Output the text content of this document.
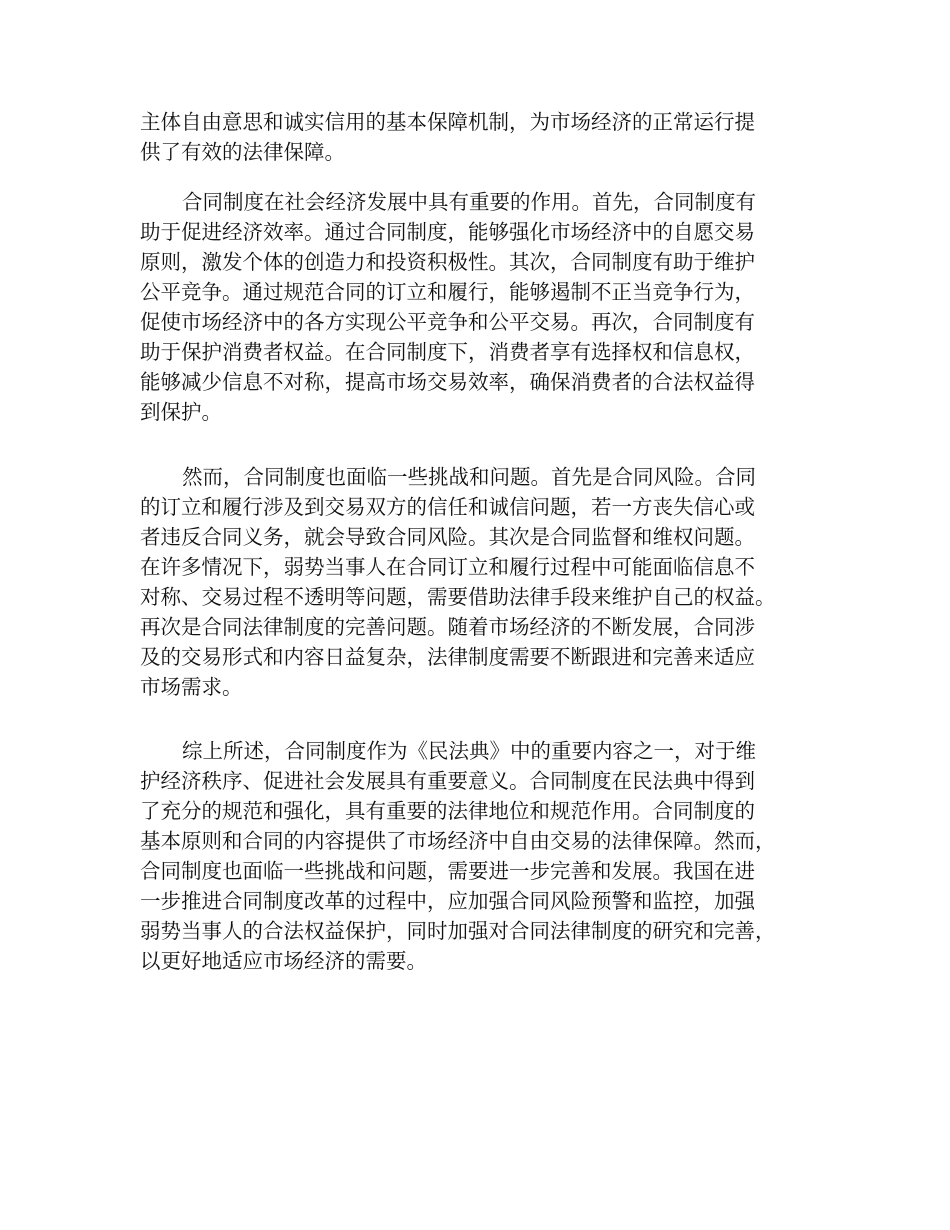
主体自由意思和诚实信用的基本保障机制，为市场经济的正常运行提
供了有效的法律保障。
合同制度在社会经济发展中具有重要的作用。首先，合同制度有
助于促进经济效率。通过合同制度，能够强化市场经济中的自愿交易
原则，激发个体的创造力和投资积极性。其次，合同制度有助于维护
公平竞争。通过规范合同的订立和履行，能够遏制不正当竞争行为，
促使市场经济中的各方实现公平竞争和公平交易。再次，合同制度有
助于保护消费者权益。在合同制度下，消费者享有选择权和信息权，
能够减少信息不对称，提高市场交易效率，确保消费者的合法权益得
到保护。
然而，合同制度也面临一些挑战和问题。首先是合同风险。合同
的订立和履行涉及到交易双方的信任和诚信问题，若一方丧失信心或
者违反合同义务，就会导致合同风险。其次是合同监督和维权问题。
在许多情况下，弱势当事人在合同订立和履行过程中可能面临信息不
对称、交易过程不透明等问题，需要借助法律手段来维护自己的权益。
再次是合同法律制度的完善问题。随着市场经济的不断发展，合同涉
及的交易形式和内容日益复杂，法律制度需要不断跟进和完善来适应
市场需求。
综上所述，合同制度作为《民法典》中的重要内容之一，对于维
护经济秩序、促进社会发展具有重要意义。合同制度在民法典中得到
了充分的规范和强化，具有重要的法律地位和规范作用。合同制度的
基本原则和合同的内容提供了市场经济中自由交易的法律保障。然而，
合同制度也面临一些挑战和问题，需要进一步完善和发展。我国在进
一步推进合同制度改革的过程中，应加强合同风险预警和监控，加强
弱势当事人的合法权益保护，同时加强对合同法律制度的研究和完善，
以更好地适应市场经济的需要。
